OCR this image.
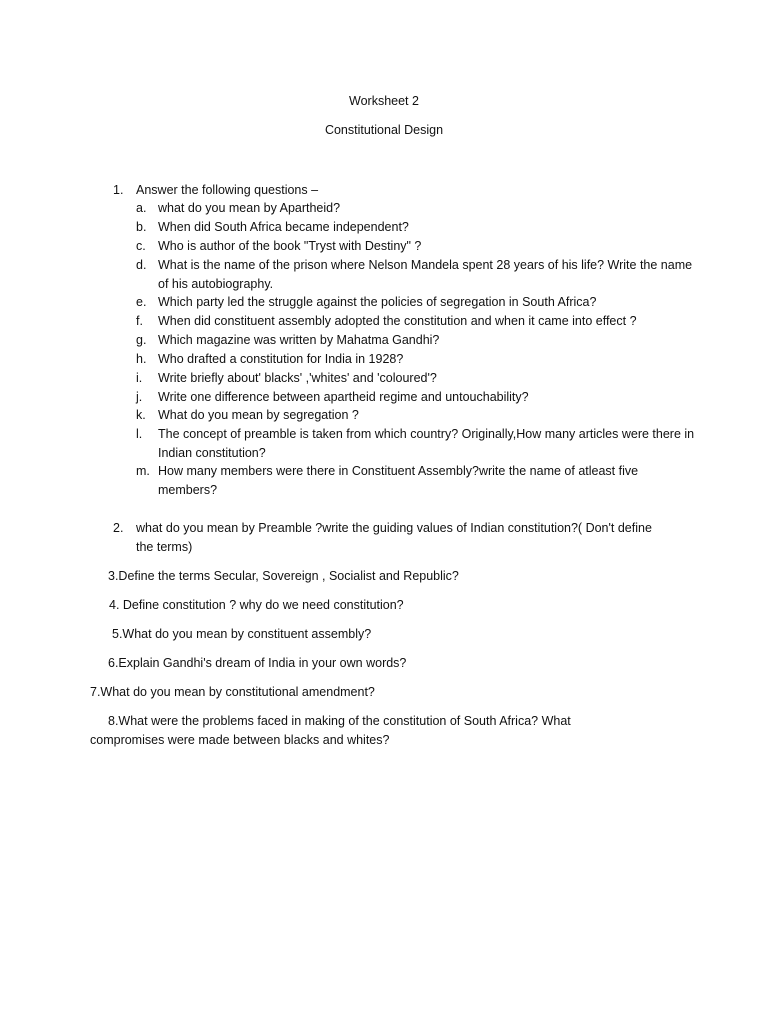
Worksheet 2
Constitutional Design
1. Answer the following questions –
a. what do you mean by Apartheid?
b. When did South Africa became independent?
c. Who is author of the book "Tryst with Destiny" ?
d. What is the name of the prison where Nelson Mandela spent 28 years of his life? Write the name of his autobiography.
e. Which party led the struggle against the policies of segregation in South Africa?
f. When did constituent assembly adopted the constitution and when it came into effect ?
g. Which magazine was written by Mahatma Gandhi?
h. Who drafted a constitution for India in 1928?
i. Write briefly about' blacks' ,'whites' and 'coloured'?
j. Write one difference between apartheid regime and untouchability?
k. What do you mean by segregation ?
l. The concept of preamble is taken from which country? Originally,How many articles were there in Indian constitution?
m. How many members were there in Constituent Assembly?write the name of atleast five members?
2. what do you mean by Preamble ?write the guiding values of Indian constitution?( Don't define
the terms)
3.Define the terms Secular, Sovereign , Socialist and Republic?
4. Define constitution ? why do we need constitution?
5.What do you mean by constituent assembly?
6.Explain Gandhi's dream of India in your own words?
7.What do you mean by constitutional amendment?
8.What were the problems faced in making of the constitution of South Africa? What
compromises were made between blacks and whites?
